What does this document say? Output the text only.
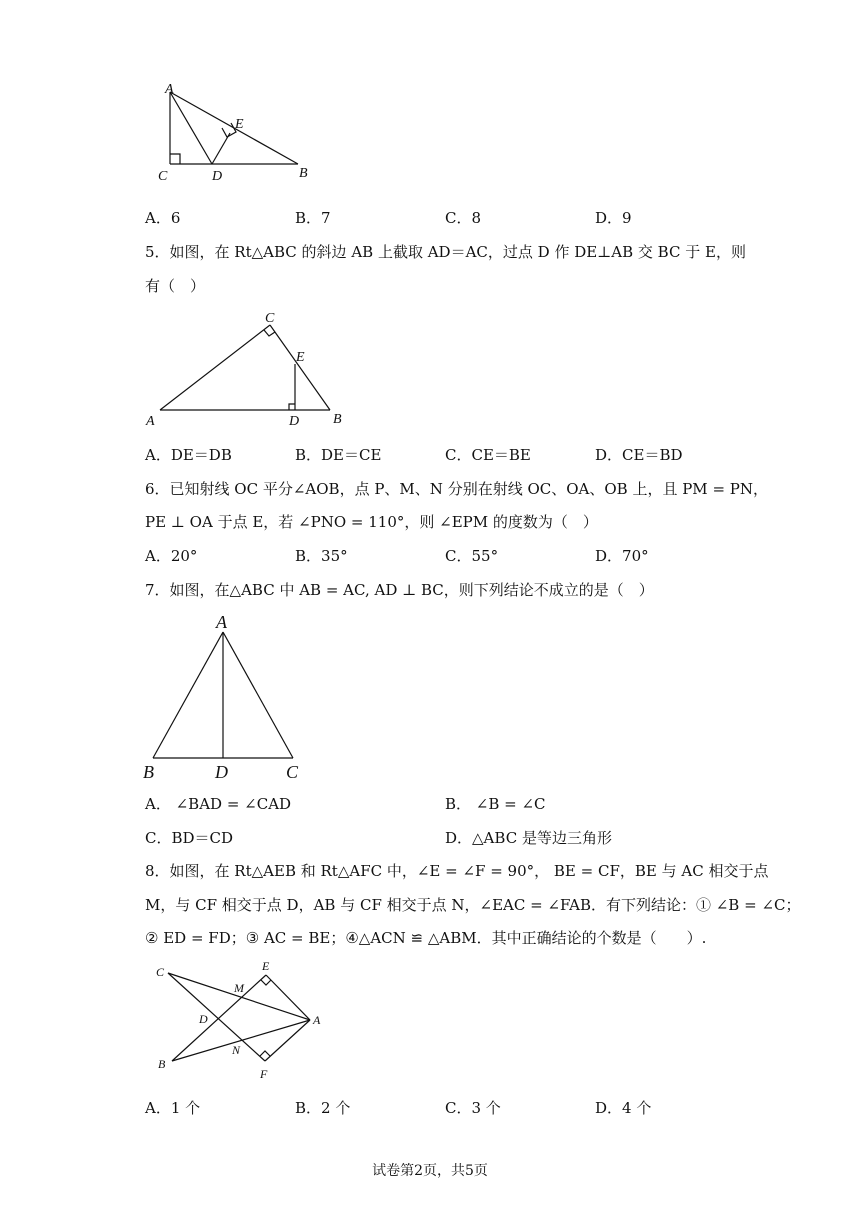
A
C	D
E
B
A．6	B．7	C．8	D．9
5．如图，在 Rt△ABC 的斜边 AB 上截取 AD＝AC，过点 D 作 DE⊥AB 交 BC 于 E，则
有（　）
C
E
A	D B
A．DE＝DB	B．DE＝CE	C．CE＝BE	D．CE＝BD
6．已知射线 OC 平分∠AOB，点 P、M、N 分别在射线 OC、OA、OB 上，且 PM = PN，
PE ⊥ OA 于点 E，若 ∠PNO = 110°，则 ∠EPM 的度数为（　）
A．20°	B．35°	C．55°	D．70°
7．如图，在△ABC 中 AB = AC, AD ⊥ BC，则下列结论不成立的是（　）
A
B	D	C
A． ∠BAD = ∠CAD	B． ∠B = ∠C
C．BD＝CD	D．△ABC 是等边三角形
8．如图，在 Rt△AEB 和 Rt△AFC 中，∠E = ∠F = 90°， BE = CF，BE 与 AC 相交于点
M，与 CF 相交于点 D，AB 与 CF 相交于点 N，∠EAC = ∠FAB．有下列结论：① ∠B = ∠C；
② ED = FD；③ AC = BE；④△ACN ≌ △ABM．其中正确结论的个数是（　　）.
C	E
M
D	A
B
N
F
A．1 个	B．2 个	C．3 个	D．4 个
试卷第2页，共5页
